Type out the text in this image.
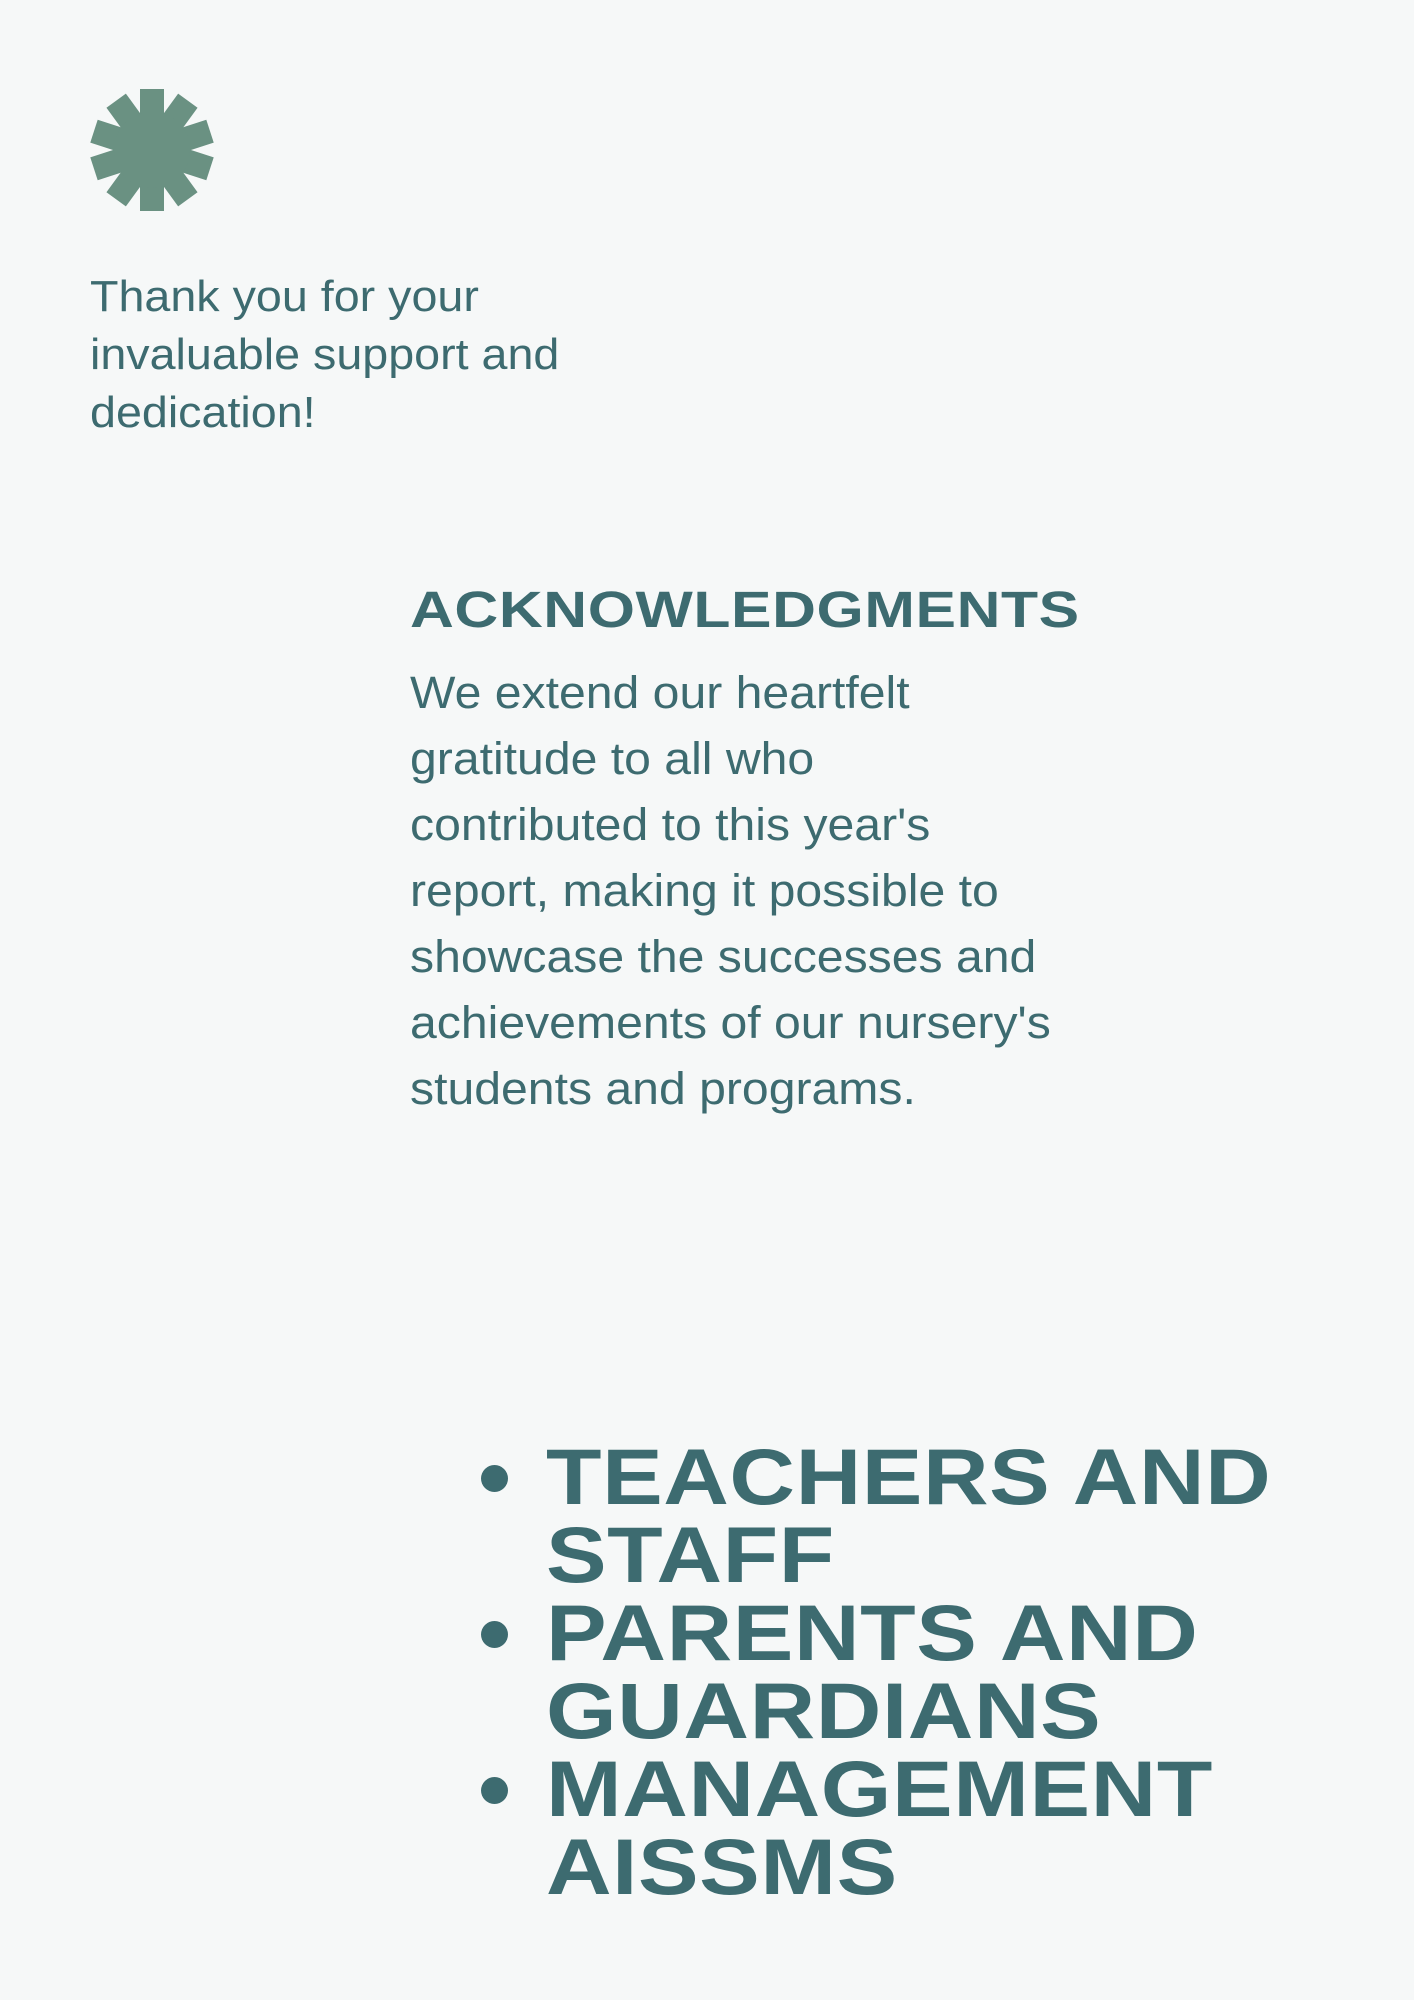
Thank you for your
invaluable support and
dedication!
ACKNOWLEDGMENTS
We extend our heartfelt
gratitude to all who
contributed to this year's
report, making it possible to
showcase the successes and
achievements of our nursery's
students and programs.
TEACHERS AND
STAFF
PARENTS AND
GUARDIANS
MANAGEMENT
AISSMS
